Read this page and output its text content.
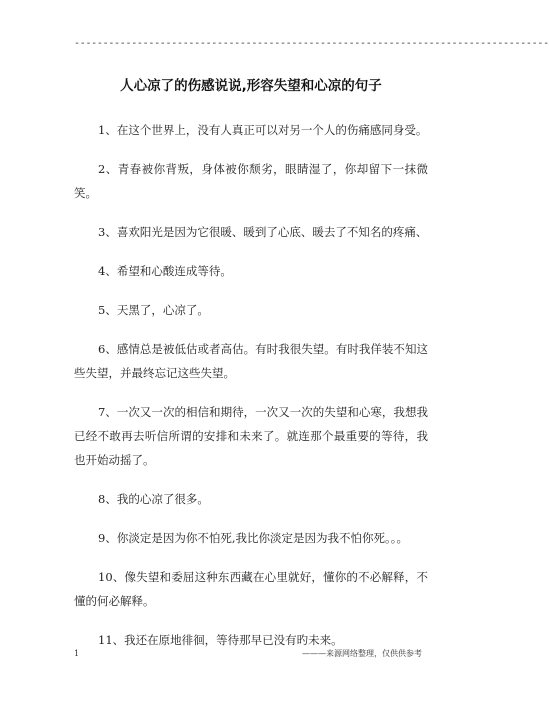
-----------------------------------------------------------------------------------
人心凉了的伤感说说,形容失望和心凉的句子

1、在这个世界上，没有人真正可以对另一个人的伤痛感同身受。

2、青春被你背叛，身体被你颓劣，眼睛湿了，你却留下一抹微笑。

3、喜欢阳光是因为它很暖、暖到了心底、暖去了不知名的疼痛、

4、希望和心酸连成等待。

5、天黑了，心凉了。

6、感情总是被低估或者高估。有时我很失望。有时我佯装不知这些失望，并最终忘记这些失望。

7、一次又一次的相信和期待，一次又一次的失望和心寒，我想我已经不敢再去听信所谓的安排和未来了。就连那个最重要的等待，我也开始动摇了。

8、我的心凉了很多。

9、你淡定是因为你不怕死,我比你淡定是因为我不怕你死。。。

10、像失望和委屈这种东西藏在心里就好，懂你的不必解释，不懂的何必解释。

11、我还在原地徘徊，等待那早已没有旳未来。

1	———来源网络整理，仅供供参考
